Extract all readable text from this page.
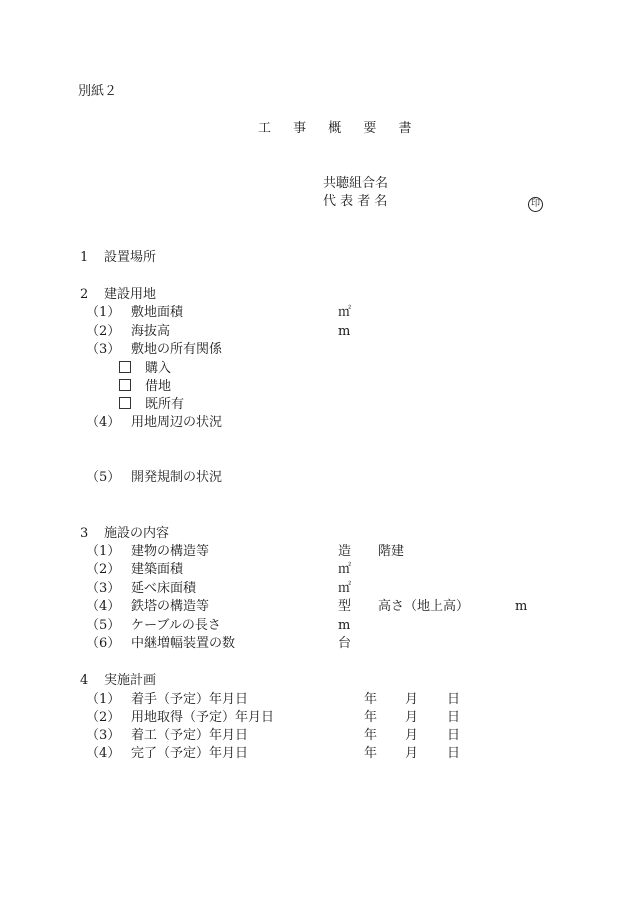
別紙２
工 事 概 要 書
共聴組合名
代 表 者 名	印
1 設置場所
2 建設用地
（1） 敷地面積	㎡
（2） 海抜高	m
（3） 敷地の所有関係
購入
借地
既所有
（4） 用地周辺の状況
（5） 開発規制の状況
3 施設の内容
（1） 建物の構造等	造 階建
（2） 建築面積	㎡
（3） 延べ床面積	㎡
（4） 鉄塔の構造等	型 高さ（地上高）	m
（5） ケーブルの長さ	m
（6） 中継増幅装置の数	台
4 実施計画
（1） 着手（予定）年月日	年 月 日
（2） 用地取得（予定）年月日	年 月 日
（3） 着工（予定）年月日	年 月 日
（4） 完了（予定）年月日	年 月 日
